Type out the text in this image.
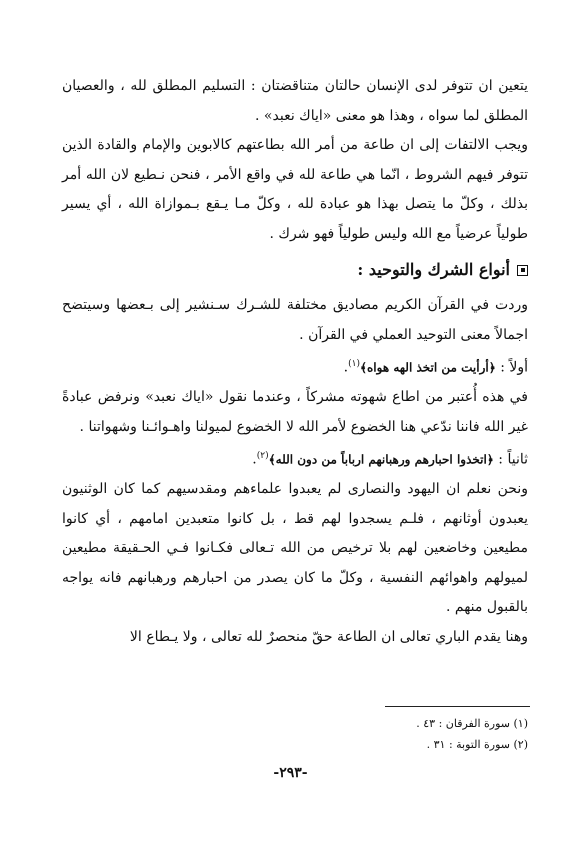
يتعين ان تتوفر لدى الإنسان حالتان متناقضتان : التسليم المطلق لله ، والعصيان المطلق لما سواه ، وهذا هو معنى «اياك نعبد» .

ويجب الالتفات إلى ان طاعة من أمر الله بطاعتهم كالابوين والإمام والقادة الذين تتوفر فيهم الشروط ، انّما هي طاعة لله في واقع الأمر ، فنحن نـطيع لان الله أمر بذلك ، وكلّ ما يتصل بهذا هو عبادة لله ، وكلّ مـا يـقع بـموازاة الله ، أي يسير طولياً عرضياً مع الله وليس طولياً فهو شرك .

أنواع الشرك والتوحيد :

وردت في القرآن الكريم مصاديق مختلفة للشـرك سـنشير إلى بـعضها وسيتضح اجمالاً معنى التوحيد العملي في القرآن .

أولاً : ﴿أرأيت من اتخذ الهه هواه﴾$^{(١)}$.

في هذه أُعتبر من اطاع شهوته مشركاً ، وعندما نقول «اياك نعبد» ونرفض عبادةً غير الله فاننا ندّعي هنا الخضوع لأمر الله لا الخضوع لميولنا واهـوائـنا وشهواتنا .

ثانياً : ﴿اتخذوا احبارهم ورهبانهم ارباباً من دون الله﴾$^{(٢)}$.

ونحن نعلم ان اليهود والنصارى لم يعبدوا علماءهم ومقدسيهم كما كان الوثنيون يعبدون أوثانهم ، فلـم يسجدوا لهم قط ، بل كانوا متعبدين امامهم ، أي كانوا مطيعين وخاضعين لهم بلا ترخيص من الله تـعالى فكـانوا فـي الحـقيقة مطيعين لميولهم واهوائهم النفسية ، وكلّ ما كان يصدر من احبارهم ورهبانهم فانه يواجه بالقبول منهم .

وهنا يقدم الباري تعالى ان الطاعة حقّ منحصرٌ لله تعالى ، ولا يـطاع الا

(١) سورة الفرقان : ٤٣ .
(٢) سورة التوبة : ٣١ .
-٢٩٣-
